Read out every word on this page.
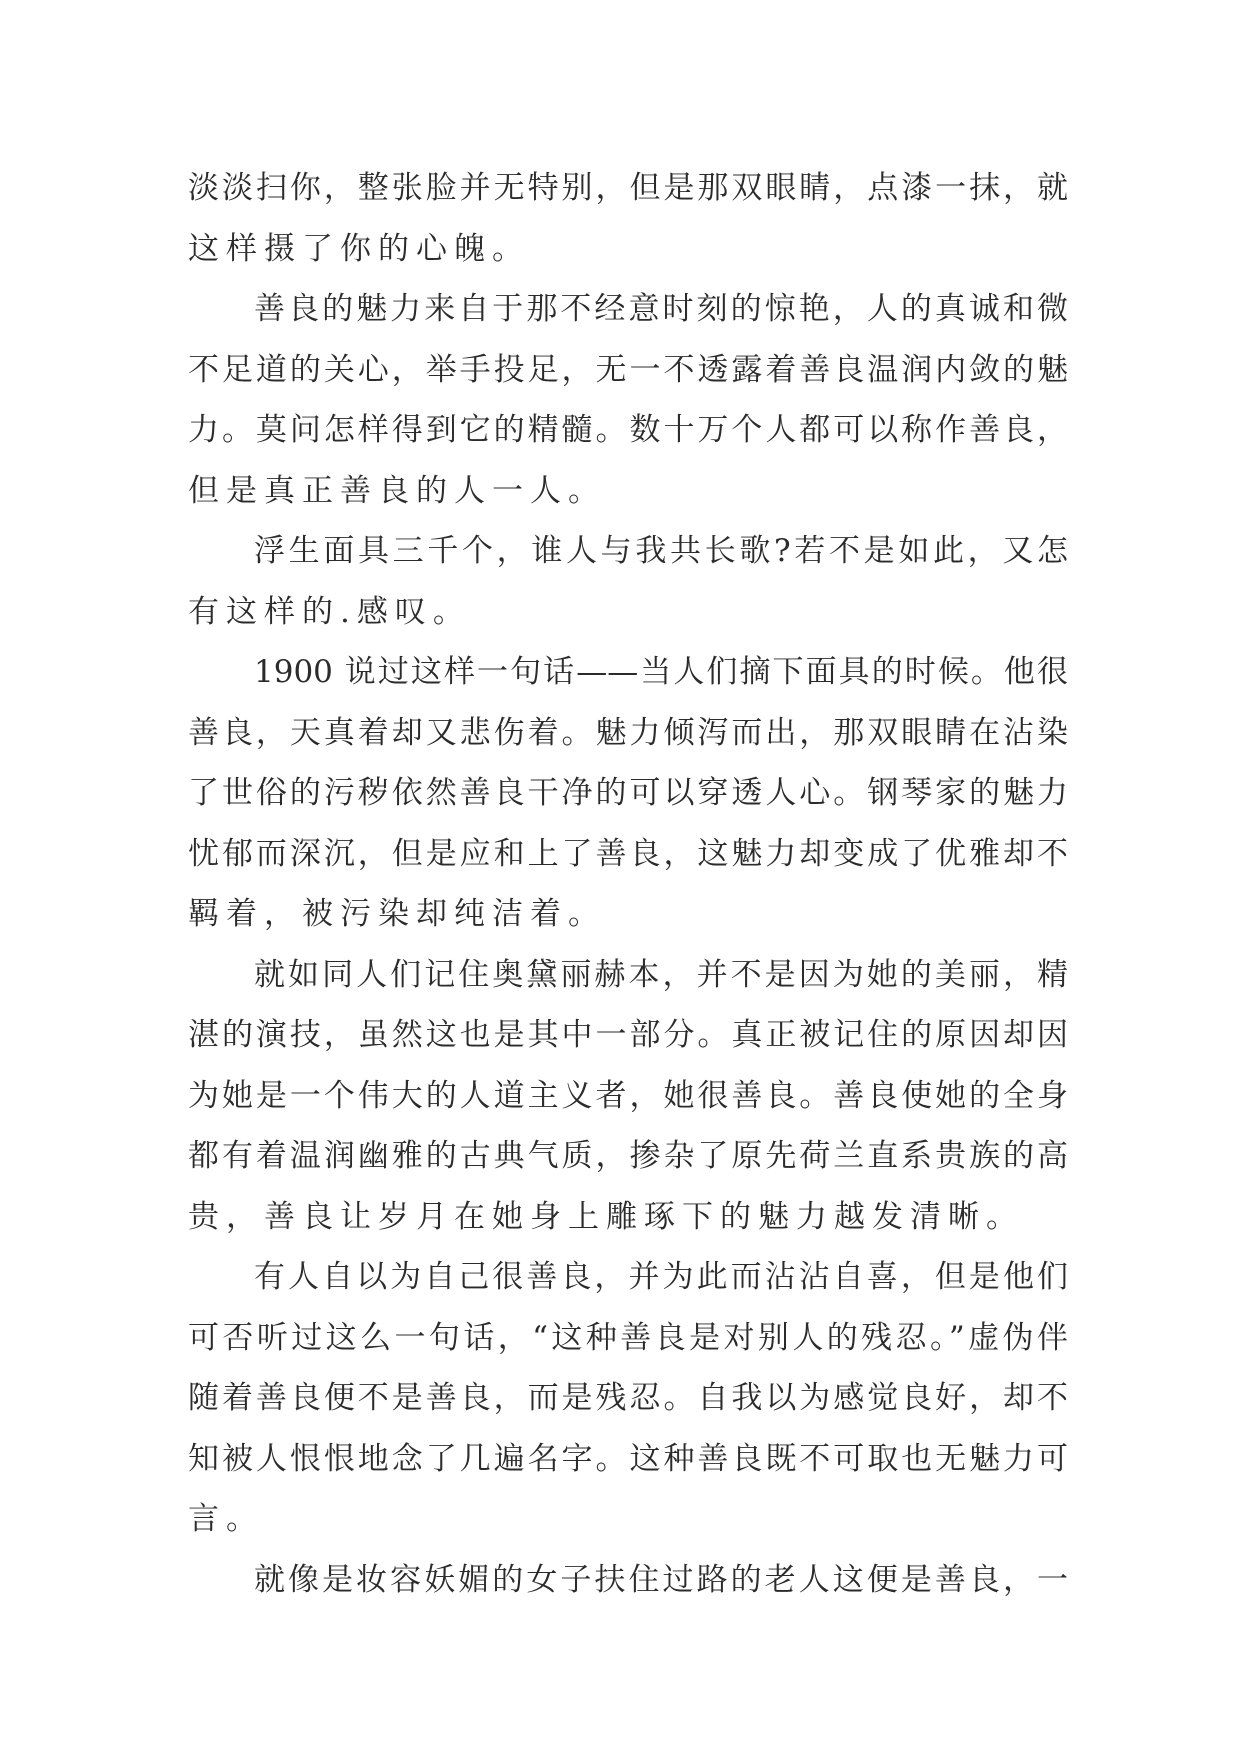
淡淡扫你，整张脸并无特别，但是那双眼睛，点漆一抹，就
这样摄了你的心魄。
善良的魅力来自于那不经意时刻的惊艳，人的真诚和微
不足道的关心，举手投足，无一不透露着善良温润内敛的魅
力。莫问怎样得到它的精髓。数十万个人都可以称作善良，
但是真正善良的人一人。
浮生面具三千个，谁人与我共长歌?若不是如此，又怎
有这样的.感叹。
1900 说过这样一句话——当人们摘下面具的时候。他很
善良，天真着却又悲伤着。魅力倾泻而出，那双眼睛在沾染
了世俗的污秽依然善良干净的可以穿透人心。钢琴家的魅力
忧郁而深沉，但是应和上了善良，这魅力却变成了优雅却不
羁着，被污染却纯洁着。
就如同人们记住奥黛丽赫本，并不是因为她的美丽，精
湛的演技，虽然这也是其中一部分。真正被记住的原因却因
为她是一个伟大的人道主义者，她很善良。善良使她的全身
都有着温润幽雅的古典气质，掺杂了原先荷兰直系贵族的高
贵，善良让岁月在她身上雕琢下的魅力越发清晰。
有人自以为自己很善良，并为此而沾沾自喜，但是他们
可否听过这么一句话，“这种善良是对别人的残忍。”虚伪伴
随着善良便不是善良，而是残忍。自我以为感觉良好，却不
知被人恨恨地念了几遍名字。这种善良既不可取也无魅力可
言。
就像是妆容妖媚的女子扶住过路的老人这便是善良，一
